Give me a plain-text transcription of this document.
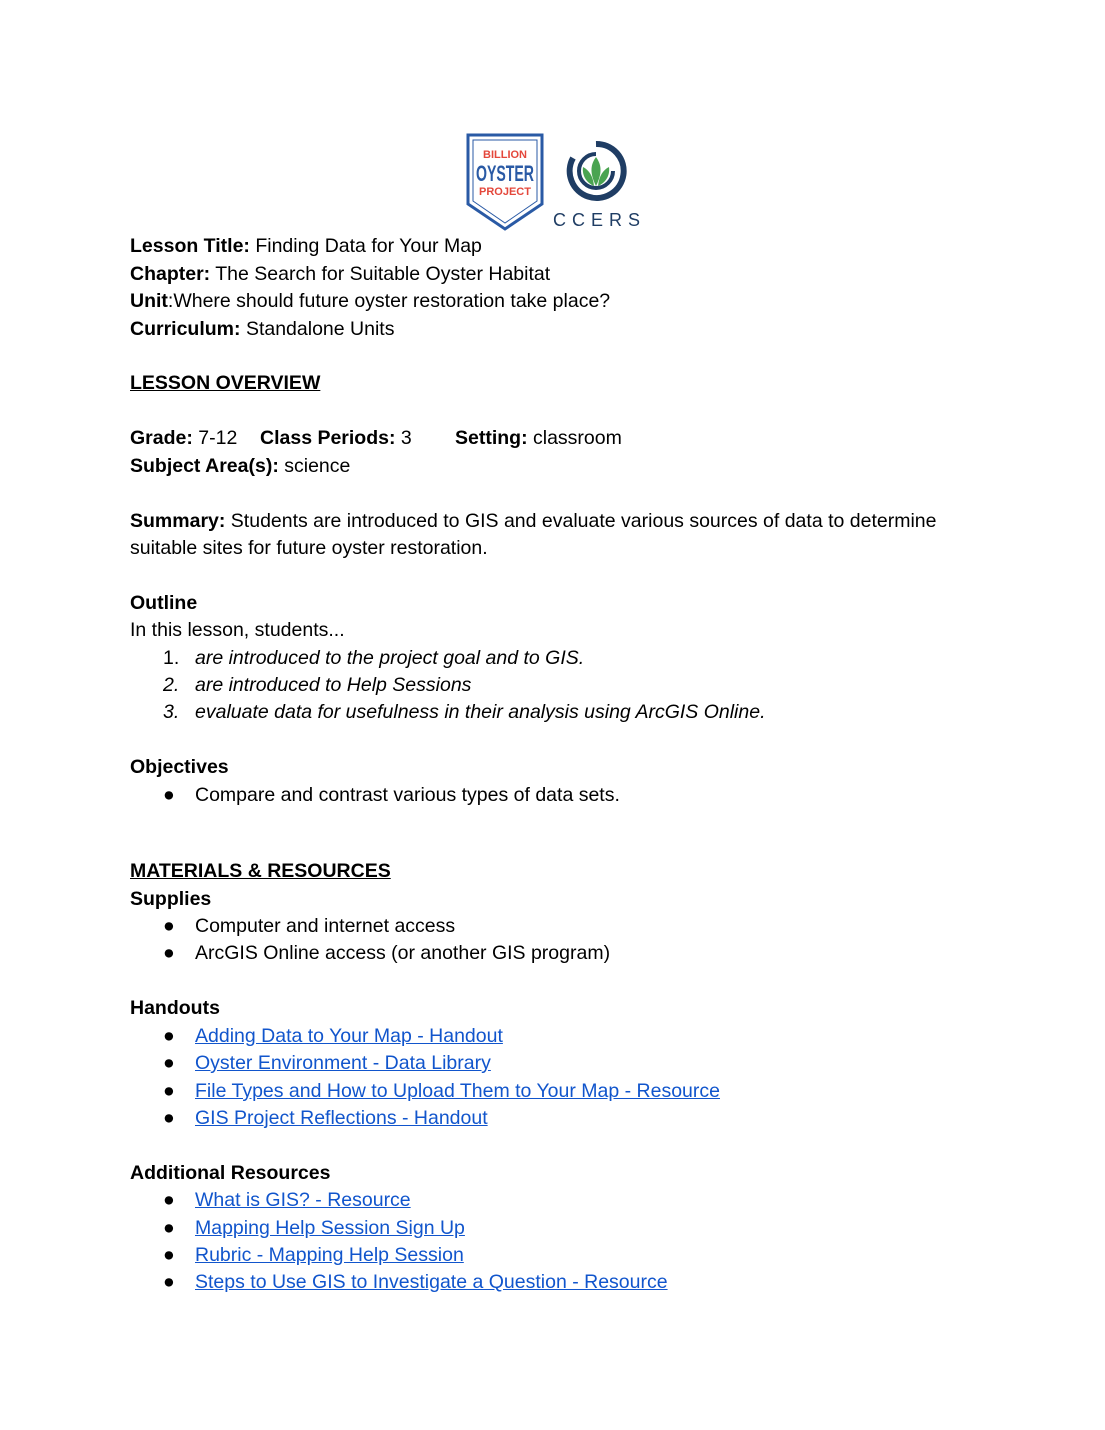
BILLION
OYSTER
PROJECT
CCERS
Lesson Title: Finding Data for Your Map
Chapter: The Search for Suitable Oyster Habitat
Unit:Where should future oyster restoration take place?
Curriculum: Standalone Units
LESSON OVERVIEW
Grade: 7-12 Class Periods: 3 Setting: classroom
Subject Area(s): science
Summary: Students are introduced to GIS and evaluate various sources of data to determine suitable sites for future oyster restoration.
Outline
In this lesson, students...
1. are introduced to the project goal and to GIS.
2. are introduced to Help Sessions
3. evaluate data for usefulness in their analysis using ArcGIS Online.
Objectives
● Compare and contrast various types of data sets.
MATERIALS & RESOURCES
Supplies
● Computer and internet access
● ArcGIS Online access (or another GIS program)
Handouts
● Adding Data to Your Map - Handout
● Oyster Environment - Data Library
● File Types and How to Upload Them to Your Map - Resource
● GIS Project Reflections - Handout
Additional Resources
● What is GIS? - Resource
● Mapping Help Session Sign Up
● Rubric - Mapping Help Session
● Steps to Use GIS to Investigate a Question - Resource
